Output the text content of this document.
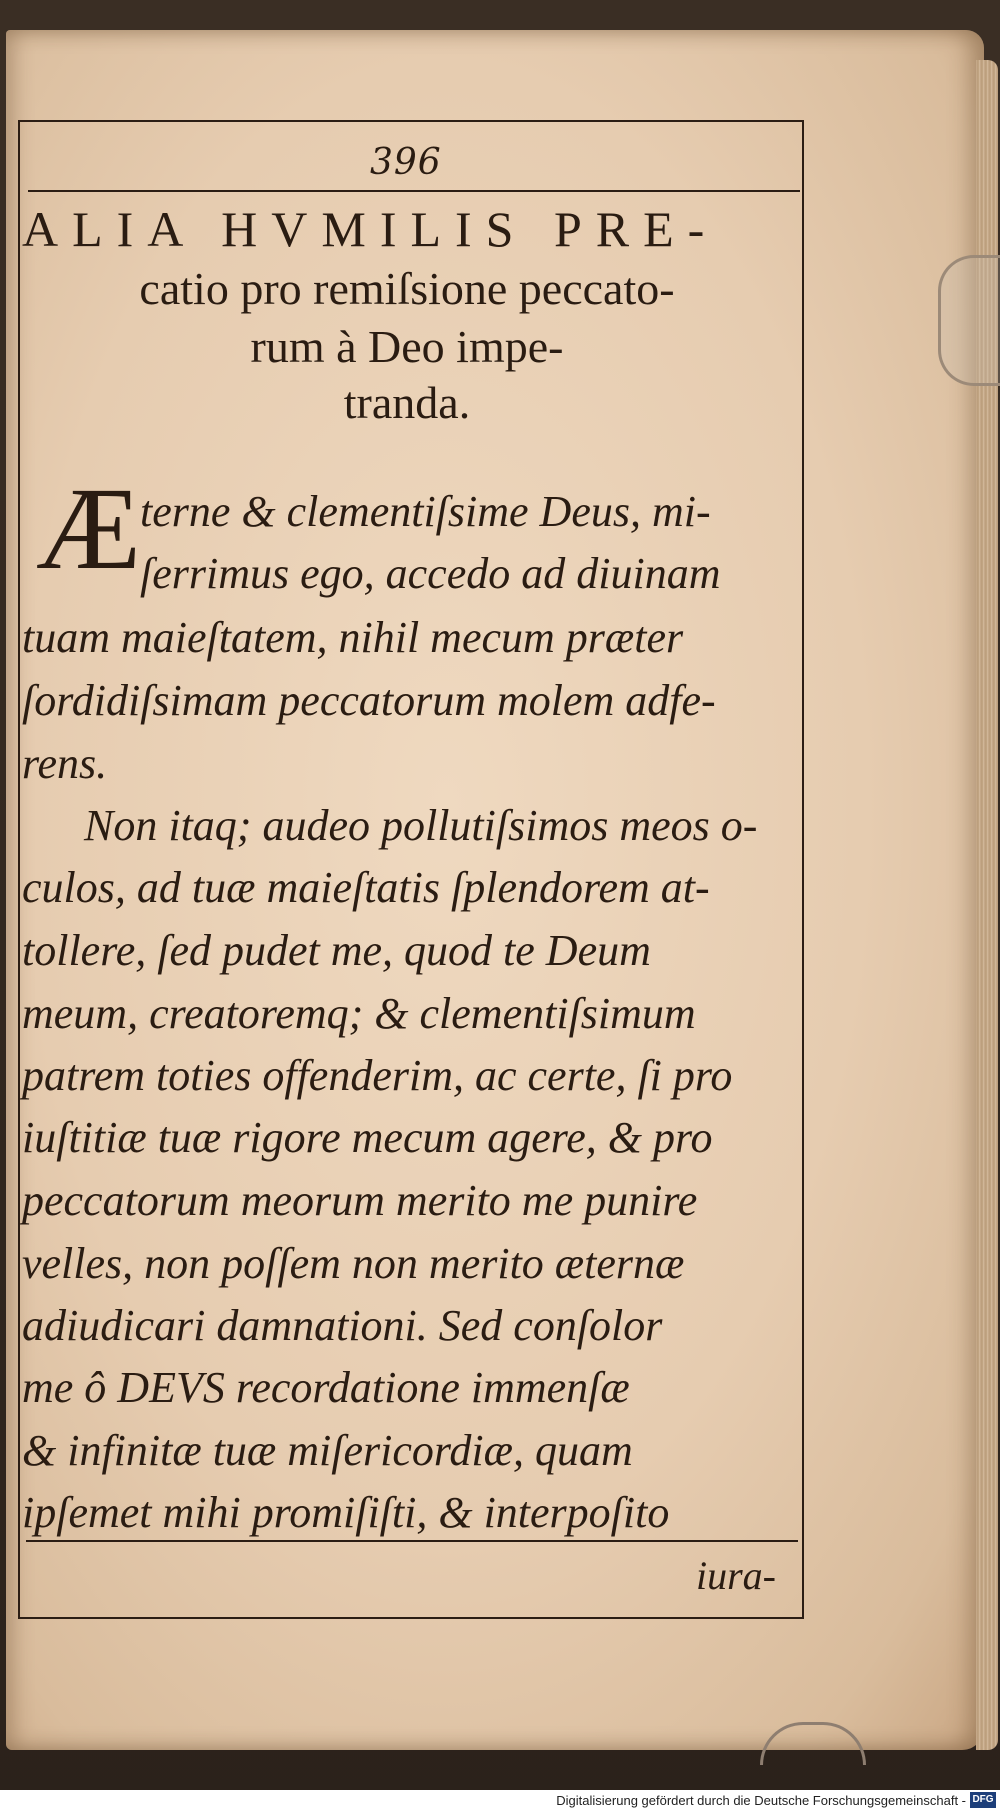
396
ALIA HVMILIS PRE-
catio pro remiſsione peccato-
rum à Deo impe-
tranda.
Æ terne & clementiſsime Deus, mi-
ſerrimus ego, accedo ad diuinam
tuam maieſtatem, nihil mecum præter
ſordidiſsimam peccatorum molem adfe-
rens.
Non itaq; audeo pollutiſsimos meos o-
culos, ad tuæ maieſtatis ſplendorem at-
tollere, ſed pudet me, quod te Deum
meum, creatoremq; & clementiſsimum
patrem toties offenderim, ac certe, ſi pro
iuſtitiæ tuæ rigore mecum agere, & pro
peccatorum meorum merito me punire
velles, non poſſem non merito æternæ
adiudicari damnationi. Sed conſolor
me ô DEVS recordatione immenſæ
& infinitæ tuæ miſericordiæ, quam
ipſemet mihi promiſiſti, & interpoſito
iura-
Digitalisierung gefördert durch die Deutsche Forschungsgemeinschaft - DFG
